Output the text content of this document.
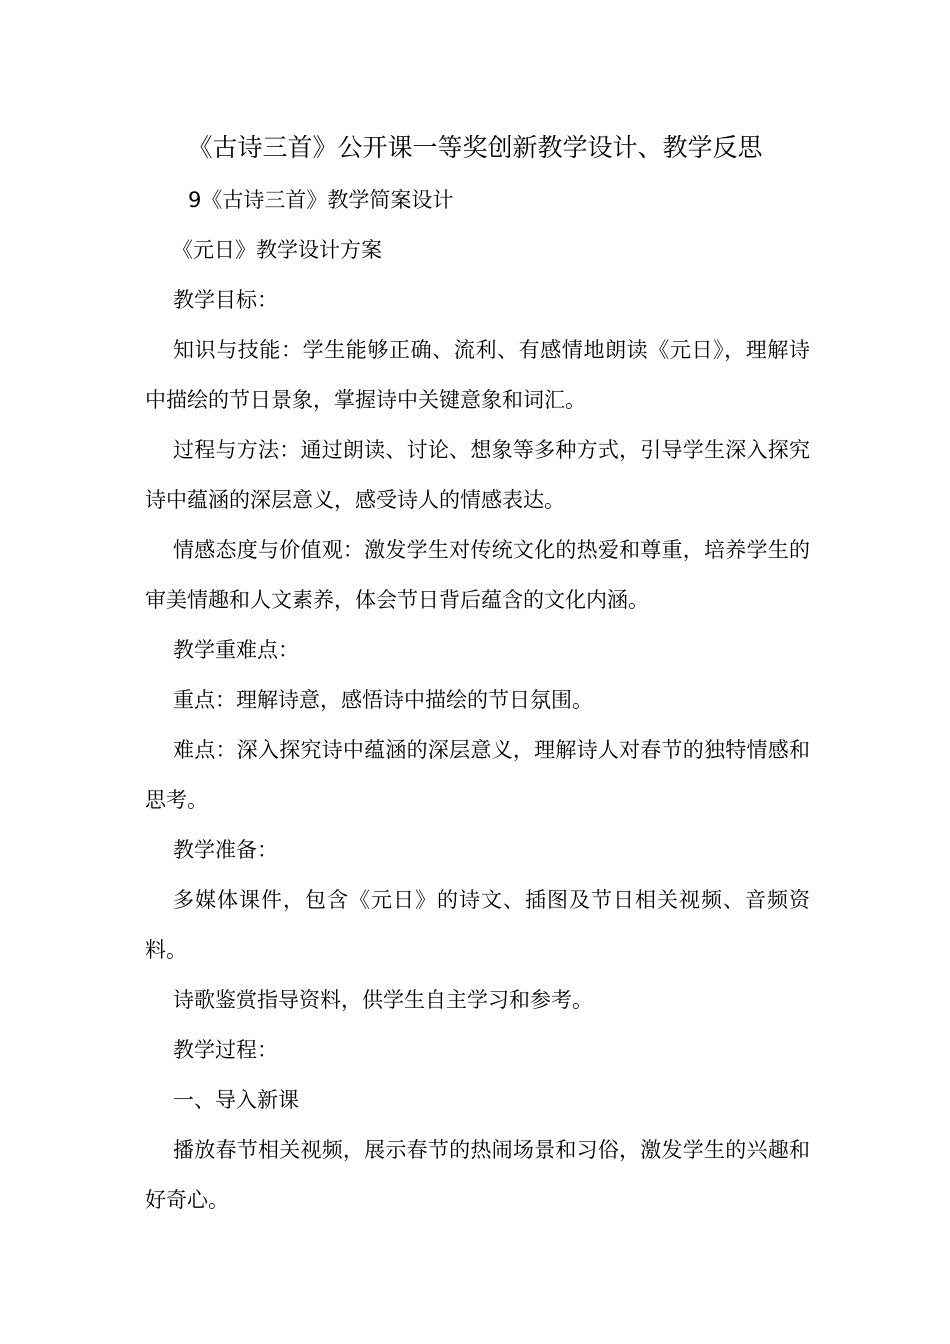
《古诗三首》公开课一等奖创新教学设计、教学反思
9《古诗三首》教学简案设计
《元日》教学设计方案
教学目标：
知识与技能：学生能够正确、流利、有感情地朗读《元日》，理解诗中描绘的节日景象，掌握诗中关键意象和词汇。
过程与方法：通过朗读、讨论、想象等多种方式，引导学生深入探究诗中蕴涵的深层意义，感受诗人的情感表达。
情感态度与价值观：激发学生对传统文化的热爱和尊重，培养学生的审美情趣和人文素养，体会节日背后蕴含的文化内涵。
教学重难点：
重点：理解诗意，感悟诗中描绘的节日氛围。
难点：深入探究诗中蕴涵的深层意义，理解诗人对春节的独特情感和思考。
教学准备：
多媒体课件，包含《元日》的诗文、插图及节日相关视频、音频资料。
诗歌鉴赏指导资料，供学生自主学习和参考。
教学过程：
一、导入新课
播放春节相关视频，展示春节的热闹场景和习俗，激发学生的兴趣和好奇心。
